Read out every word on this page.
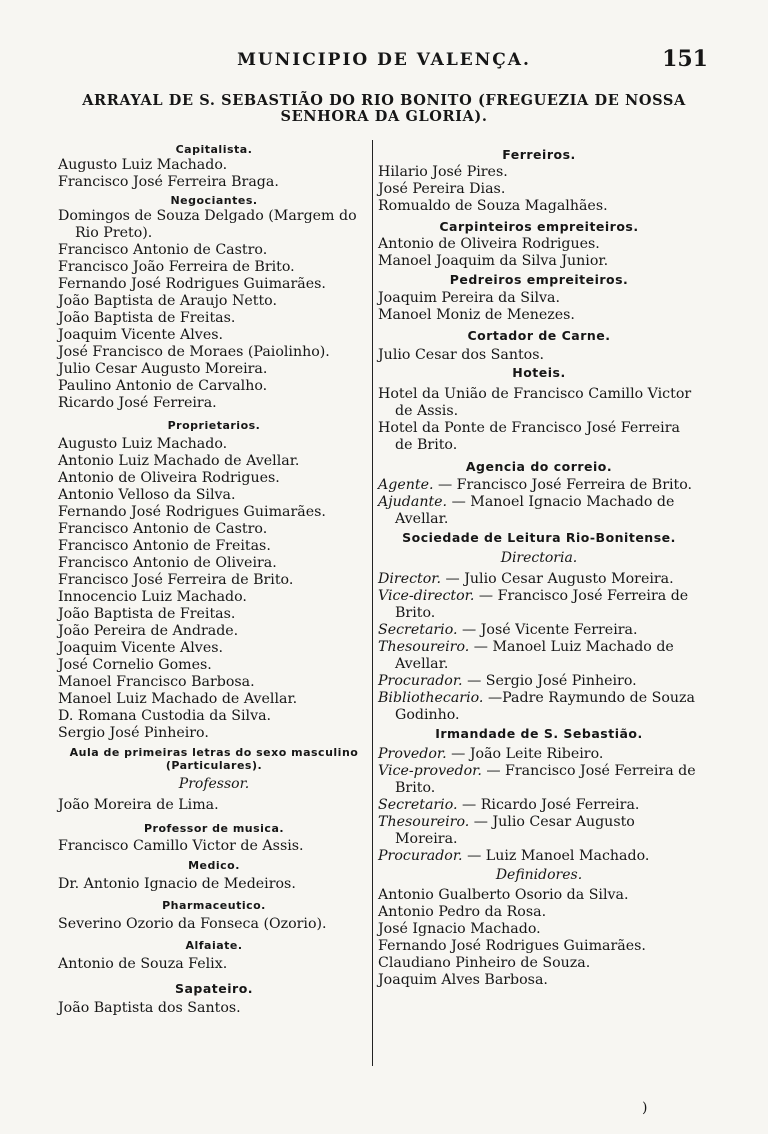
MUNICIPIO DE VALENÇA.	151
ARRAYAL DE S. SEBASTIÃO DO RIO BONITO (FREGUEZIA DE NOSSA SENHORA DA GLORIA).
Capitalista.
Augusto Luiz Machado.
Francisco José Ferreira Braga.
Negociantes.
Domingos de Souza Delgado (Margem do Rio Preto).
Francisco Antonio de Castro.
Francisco João Ferreira de Brito.
Fernando José Rodrigues Guimarães.
João Baptista de Araujo Netto.
João Baptista de Freitas.
Joaquim Vicente Alves.
José Francisco de Moraes (Paiolinho).
Julio Cesar Augusto Moreira.
Paulino Antonio de Carvalho.
Ricardo José Ferreira.
Proprietarios.
Augusto Luiz Machado.
Antonio Luiz Machado de Avellar.
Antonio de Oliveira Rodrigues.
Antonio Velloso da Silva.
Fernando José Rodrigues Guimarães.
Francisco Antonio de Castro.
Francisco Antonio de Freitas.
Francisco Antonio de Oliveira.
Francisco José Ferreira de Brito.
Innocencio Luiz Machado.
João Baptista de Freitas.
João Pereira de Andrade.
Joaquim Vicente Alves.
José Cornelio Gomes.
Manoel Francisco Barbosa.
Manoel Luiz Machado de Avellar.
D. Romana Custodia da Silva.
Sergio José Pinheiro.
Aula de primeiras letras do sexo masculino
(Particulares).
Professor.
João Moreira de Lima.
Professor de musica.
Francisco Camillo Victor de Assis.
Medico.
Dr. Antonio Ignacio de Medeiros.
Pharmaceutico.
Severino Ozorio da Fonseca (Ozorio).
Alfaiate.
Antonio de Souza Felix.
Sapateiro.
João Baptista dos Santos.
Ferreiros.
Hilario José Pires.
José Pereira Dias.
Romualdo de Souza Magalhães.
Carpinteiros empreiteiros.
Antonio de Oliveira Rodrigues.
Manoel Joaquim da Silva Junior.
Pedreiros empreiteiros.
Joaquim Pereira da Silva.
Manoel Moniz de Menezes.
Cortador de Carne.
Julio Cesar dos Santos.
Hoteis.
Hotel da União de Francisco Camillo Victor de Assis.
Hotel da Ponte de Francisco José Ferreira de Brito.
Agencia do correio.
Agente. — Francisco José Ferreira de Brito.
Ajudante. — Manoel Ignacio Machado de Avellar.
Sociedade de Leitura Rio-Bonitense.
Directoria.
Director. — Julio Cesar Augusto Moreira.
Vice-director. — Francisco José Ferreira de Brito.
Secretario. — José Vicente Ferreira.
Thesoureiro. — Manoel Luiz Machado de Avellar.
Procurador. — Sergio José Pinheiro.
Bibliothecario. —Padre Raymundo de Souza Godinho.
Irmandade de S. Sebastião.
Provedor. — João Leite Ribeiro.
Vice-provedor. — Francisco José Ferreira de Brito.
Secretario. — Ricardo José Ferreira.
Thesoureiro. — Julio Cesar Augusto Moreira.
Procurador. — Luiz Manoel Machado.
Definidores.
Antonio Gualberto Osorio da Silva.
Antonio Pedro da Rosa.
José Ignacio Machado.
Fernando José Rodrigues Guimarães.
Claudiano Pinheiro de Souza.
Joaquim Alves Barbosa.
)
